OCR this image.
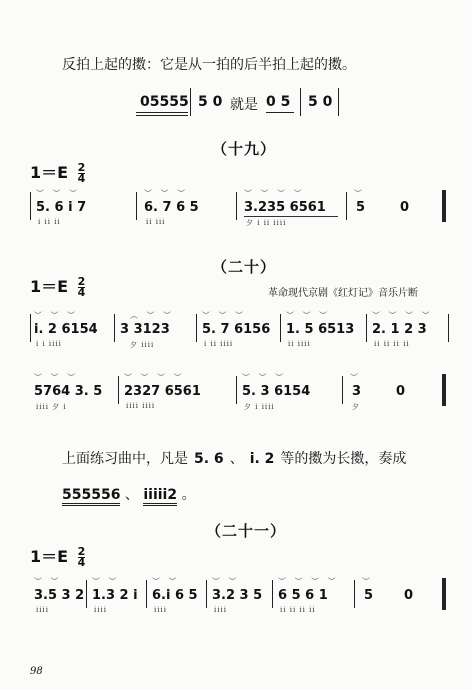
反拍上起的擞：它是从一拍的后半拍上起的擞。
05555 5 0 就是 0 5 5 0
（十九）
$1=E \frac{2}{4}$
︶ ︶ ︶
5. 6 i 7
i ii ii
︶ ︶ ︶
6. 7 6 5
ii iii
︶ ︶ ︶ ︶
3.235 6561
夕 i ii iiii
︶
5	0
（二十）
$1=E \frac{2}{4}$	革命现代京剧《红灯记》音乐片断
︶ ︶ ︶
i. 2 6154
i i iiii
︵ ︶ ︶
3 3123
夕 iiii
︶ ︶ ︶
5. 7 6156
i ii iiii
︶ ︶ ︶
1. 5 6513
ii iiii
︶ ︶ ︶ ︶
2. 1 2 3
ii ii ii ii
︶ ︶ ︶
5764 3. 5
iiii 夕 i
︶ ︶ ︶ ︶
2327 6561
iiii iiii
︶ ︶ ︶
5. 3 6154
夕 i iiii
︶
3
夕
0
上面练习曲中，凡是 5. 6 、 i. 2 等的擞为长擞，奏成
555556 、 iiiii2 。
（二十一）
$1=E \frac{2}{4}$
︶ ︶
3.5 3 2
iiii
︶ ︶
1.3 2 i
iiii
︶ ︶
6.i 6 5
iiii
︶ ︶
3.2 3 5
iiii
︶ ︶ ︶ ︶
6 5 6 1
ii ii ii ii
︶
5 0
98
